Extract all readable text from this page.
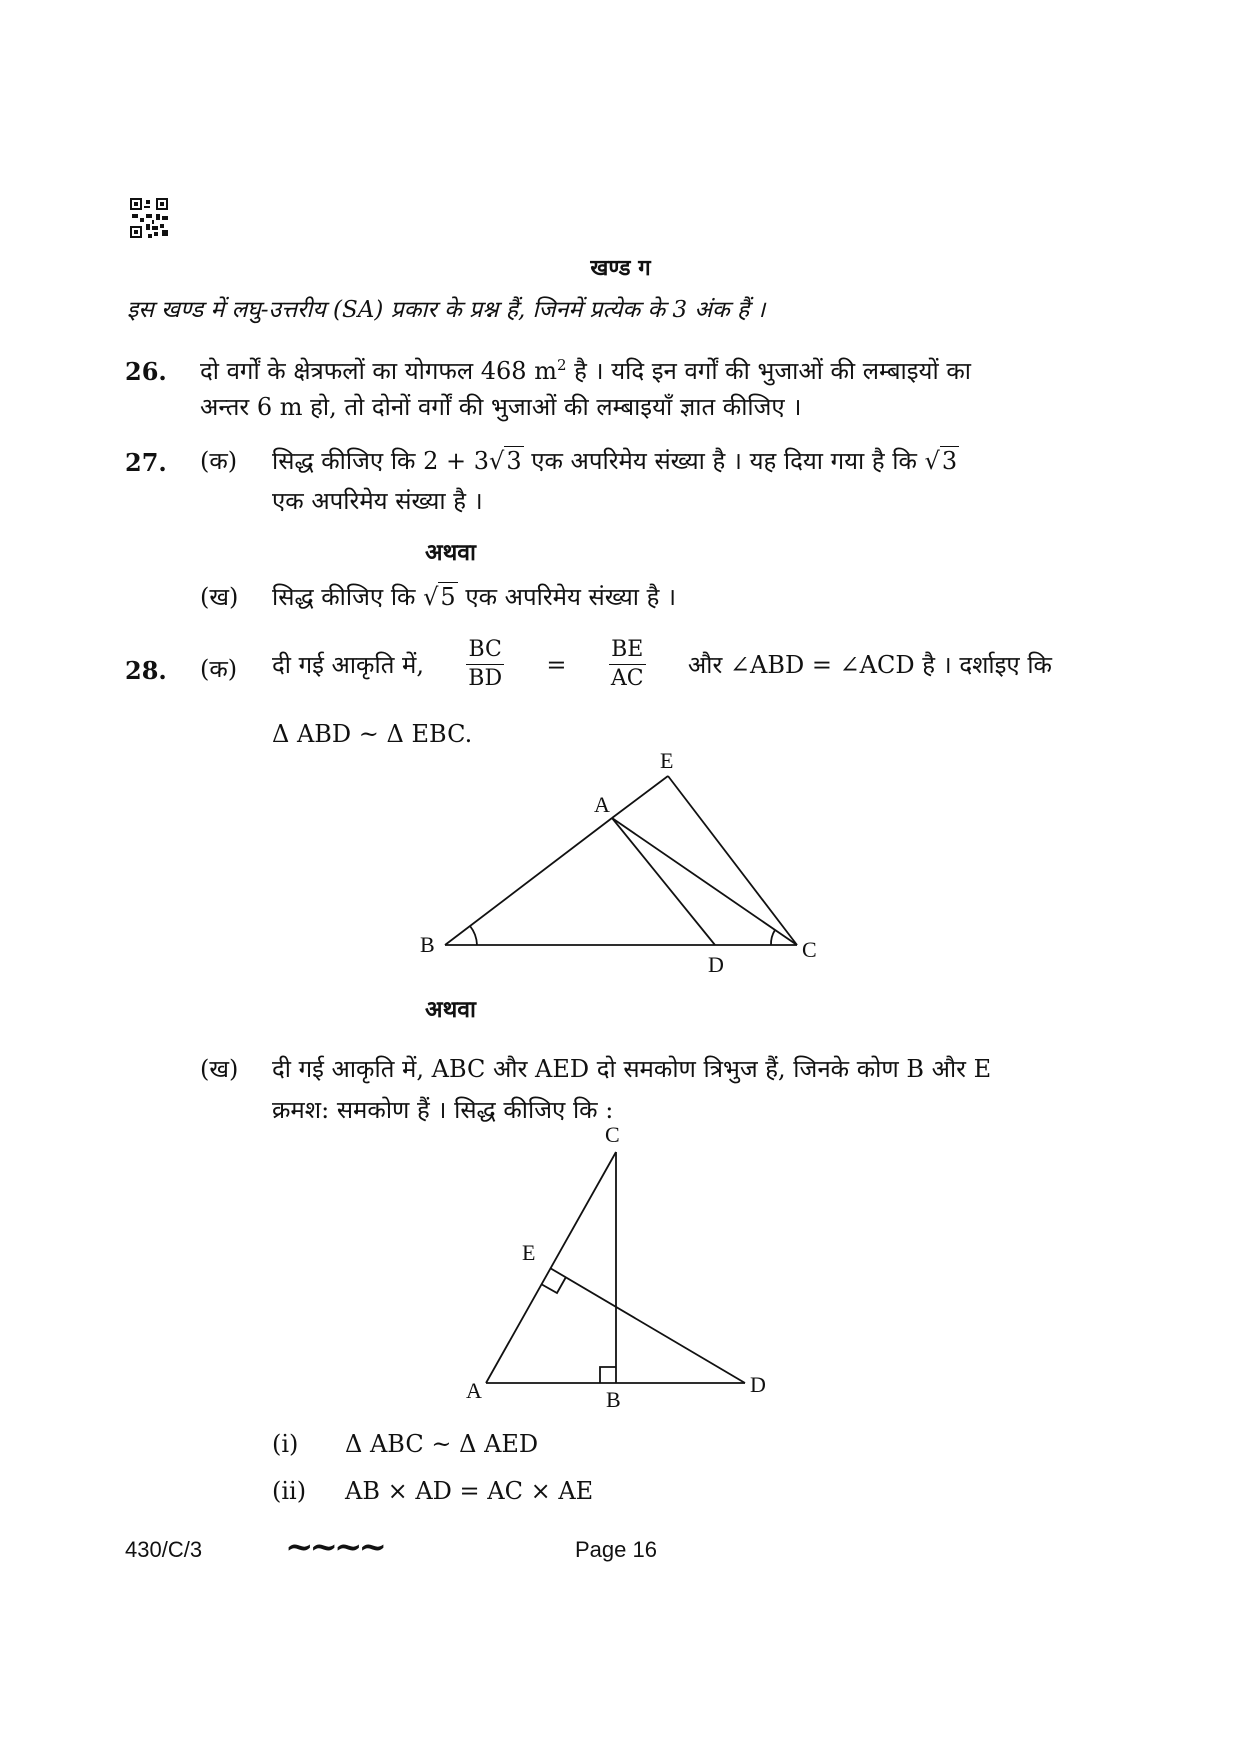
खण्ड ग
इस खण्ड में लघु-उत्तरीय (SA) प्रकार के प्रश्न हैं, जिनमें प्रत्येक के 3 अंक हैं ।
26. दो वर्गों के क्षेत्रफलों का योगफल 468 $m^2$ है । यदि इन वर्गों की भुजाओं की लम्बाइयों का
अन्तर 6 m हो, तो दोनों वर्गों की भुजाओं की लम्बाइयाँ ज्ञात कीजिए ।
27. (क) सिद्ध कीजिए कि 2 + 3√3 एक अपरिमेय संख्या है । यह दिया गया है कि √3
एक अपरिमेय संख्या है ।
अथवा
(ख) सिद्ध कीजिए कि √5 एक अपरिमेय संख्या है ।
28. (क) दी गई आकृति में, $\frac{BC}{BD} = \frac{BE}{AC}$ और ∠ABD = ∠ACD है । दर्शाइए कि
Δ ABD ~ Δ EBC.
E
A
B
D
C
अथवा
(ख) दी गई आकृति में, ABC और AED दो समकोण त्रिभुज हैं, जिनके कोण B और E
क्रमश: समकोण हैं । सिद्ध कीजिए कि :
C
E
A	B
D
(i) Δ ABC ~ Δ AED
(ii) AB × AD = AC × AE
430/C/3 ~~~~	Page 16
